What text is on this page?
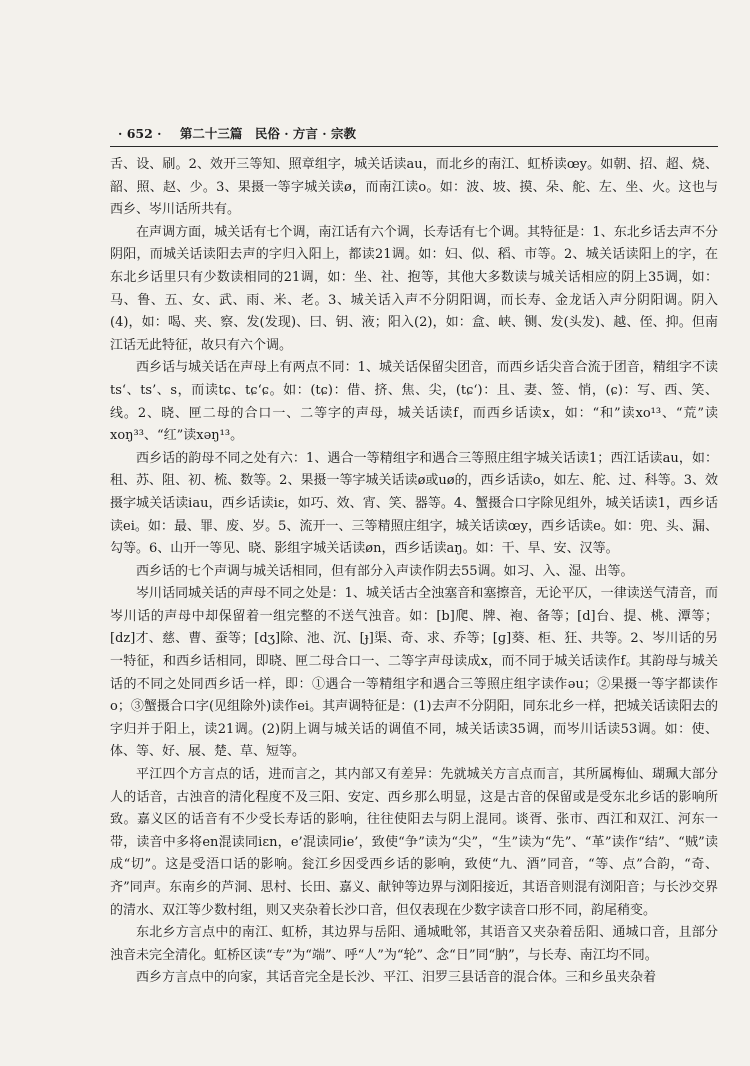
· 652 · 第二十三篇　民俗 · 方言 · 宗教

舌、设、刷。2、效开三等知、照章组字，城关话读au，而北乡的南江、虹桥读œy。如朝、招、超、烧、韶、照、赵、少。3、果摄一等字城关读ø，而南江读o。如：波、坡、摸、朵、舵、左、坐、火。这也与西乡、岑川话所共有。

在声调方面，城关话有七个调，南江话有六个调，长寿话有七个调。其特征是：1、东北乡话去声不分阴阳，而城关话读阳去声的字归入阳上，都读21调。如：妇、似、稻、市等。2、城关话读阳上的字，在东北乡话里只有少数读相同的21调，如：坐、社、抱等，其他大多数读与城关话相应的阴上35调，如：马、鲁、五、女、武、雨、米、老。3、城关话入声不分阴阳调，而长寿、金龙话入声分阴阳调。阴入(4)，如：喝、夹、察、发(发现)、曰、钥、液；阳入(2)，如：盒、峡、铡、发(头发)、越、侄、抑。但南江话无此特征，故只有六个调。

西乡话与城关话在声母上有两点不同：1、城关话保留尖团音，而西乡话尖音合流于团音，精组字不读ts‘、ts’、s，而读tɕ、tɕ‘ɕ。如：(tɕ)：借、挤、焦、尖，(tɕ‘)：且、妻、签、悄，(ɕ)：写、西、笑、线。2、晓、匣二母的合口一、二等字的声母，城关话读f，而西乡话读x，如：“和”读xo¹³、“荒”读xoŋ³³、“红”读xəŋ¹³。

西乡话的韵母不同之处有六：1、遇合一等精组字和遇合三等照庄组字城关话读1；西江话读au，如：租、苏、阻、初、梳、数等。2、果摄一等字城关话读ø或uø的，西乡话读o，如左、舵、过、科等。3、效摄字城关话读iau，西乡话读iɛ，如巧、效、宵、笑、器等。4、蟹摄合口字除见组外，城关话读1，西乡话读ei。如：最、罪、废、岁。5、流开一、三等精照庄组字，城关话读œy，西乡话读e。如：兜、头、漏、勾等。6、山开一等见、晓、影组字城关话读øn，西乡话读aŋ。如：干、旱、安、汉等。

西乡话的七个声调与城关话相同，但有部分入声读作阴去55调。如习、入、湿、出等。

岑川话同城关话的声母不同之处是：1、城关话古全浊塞音和塞擦音，无论平仄，一律读送气清音，而岑川话的声母中却保留着一组完整的不送气浊音。如：[b]爬、牌、袍、备等；[d]台、提、桃、潭等；[dz]才、慈、曹、蚕等；[dʒ]除、池、沉、[ɟ]渠、奇、求、乔等；[ɡ]葵、柜、狂、共等。2、岑川话的另一特征，和西乡话相同，即晓、匣二母合口一、二等字声母读成x，而不同于城关话读作f。其韵母与城关话的不同之处同西乡话一样，即：①遇合一等精组字和遇合三等照庄组字读作əu；②果摄一等字都读作o；③蟹摄合口字(见组除外)读作ei。其声调特征是：(1)去声不分阴阳，同东北乡一样，把城关话读阳去的字归并于阳上，读21调。(2)阴上调与城关话的调值不同，城关话读35调，而岑川话读53调。如：使、体、等、好、展、楚、草、短等。

平江四个方言点的话，进而言之，其内部又有差异：先就城关方言点而言，其所属梅仙、瑚珮大部分人的话音，古浊音的清化程度不及三阳、安定、西乡那么明显，这是古音的保留或是受东北乡话的影响所致。嘉义区的话音有不少受长寿话的影响，往往使阳去与阴上混同。谈胥、张市、西江和双江、河东一带，读音中多将en混读同iɛn，e’混读同ie’，致使“争”读为“尖”，“生”读为“先”、“革”读作“结”、“贼”读成“切”。这是受浯口话的影响。瓮江乡因受西乡话的影响，致使“九、酒”同音，“等、点”合韵，“奇、齐”同声。东南乡的芦洞、思村、长田、嘉义、献钟等边界与浏阳接近，其语音则混有浏阳音；与长沙交界的清水、双江等少数村组，则又夹杂着长沙口音，但仅表现在少数字读音口形不同，韵尾稍变。

东北乡方言点中的南江、虹桥，其边界与岳阳、通城毗邻，其语音又夹杂着岳阳、通城口音，且部分浊音未完全清化。虹桥区读“专”为“端”、呼“人”为“轮”、念“日”同“肭”，与长寿、南江均不同。

西乡方言点中的向家，其话音完全是长沙、平江、汨罗三县话音的混合体。三和乡虽夹杂着
